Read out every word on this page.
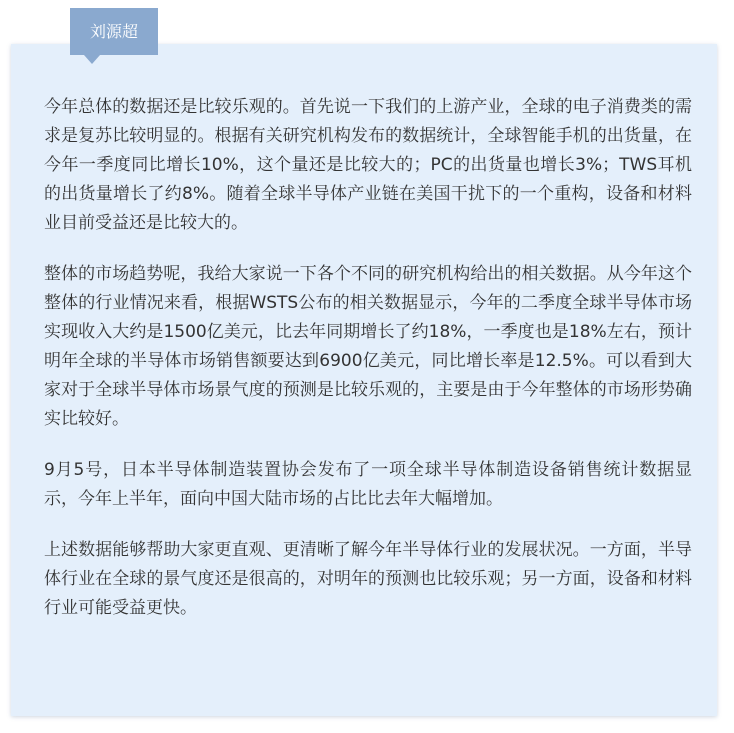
刘源超

今年总体的数据还是比较乐观的。首先说一下我们的上游产业，全球的电子消费类的需求是复苏比较明显的。根据有关研究机构发布的数据统计，全球智能手机的出货量，在今年一季度同比增长10%，这个量还是比较大的；PC的出货量也增长3%；TWS耳机的出货量增长了约8%。随着全球半导体产业链在美国干扰下的一个重构，设备和材料业目前受益还是比较大的。

整体的市场趋势呢，我给大家说一下各个不同的研究机构给出的相关数据。从今年这个整体的行业情况来看，根据WSTS公布的相关数据显示，今年的二季度全球半导体市场实现收入大约是1500亿美元，比去年同期增长了约18%，一季度也是18%左右，预计明年全球的半导体市场销售额要达到6900亿美元，同比增长率是12.5%。可以看到大家对于全球半导体市场景气度的预测是比较乐观的，主要是由于今年整体的市场形势确实比较好。

9月5号，日本半导体制造装置协会发布了一项全球半导体制造设备销售统计数据显示，今年上半年，面向中国大陆市场的占比比去年大幅增加。

上述数据能够帮助大家更直观、更清晰了解今年半导体行业的发展状况。一方面，半导体行业在全球的景气度还是很高的，对明年的预测也比较乐观；另一方面，设备和材料行业可能受益更快。
